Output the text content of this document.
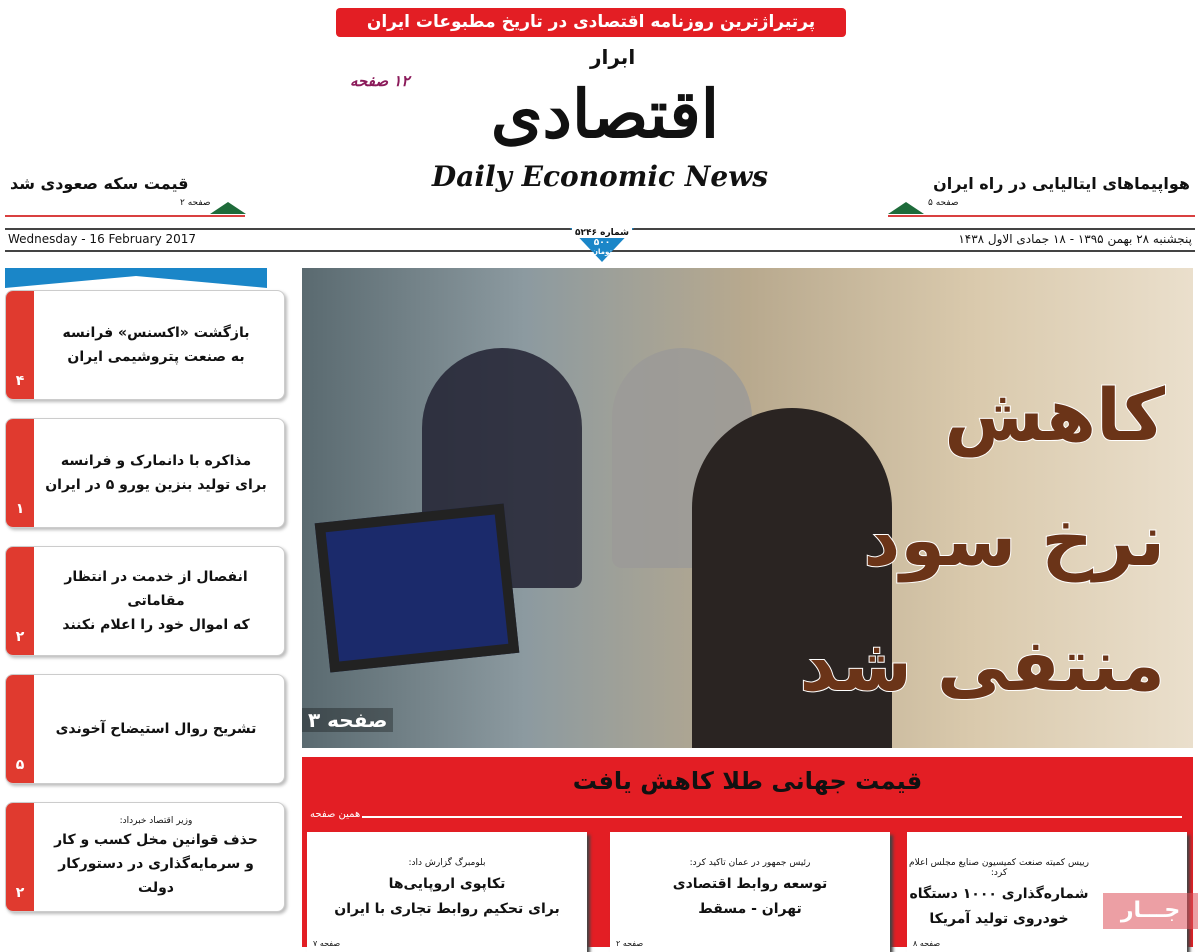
پرتیراژترین روزنامه اقتصادی در تاریخ مطبوعات ایران
۱۲ صفحه	اقتصادی
ابرار
Daily Economic News
قیمت سکه صعودی شد
صفحه ۲
هواپیماهای ایتالیایی در راه ایران
صفحه ۵
Wednesday - 16 February 2017	پنجشنبه ۲۸ بهمن ۱۳۹۵ - ۱۸ جمادی الاول ۱۴۳۸
شماره ۵۲۴۶
۵۰۰
تومان
۴
بازگشت «اکسنس» فرانسه
به صنعت پتروشیمی ایران
۱
مذاکره با دانمارک و فرانسه
برای تولید بنزین یورو ۵ در ایران
۲
انفصال از خدمت در انتظار مقاماتی
که اموال خود را اعلام نکنند
۵
تشریح روال استیضاح آخوندی
۲
وزیر اقتصاد خبرداد:
حذف قوانین مخل کسب و کار
و سرمایه‌گذاری در دستورکار دولت
کاهش
نرخ سود
منتفی شد
صفحه ۳
قیمت جهانی طلا کاهش یافت
همین صفحه
بلومبرگ گزارش داد:
تکاپوی اروپایی‌ها
برای تحکیم روابط تجاری با ایران
صفحه ۷
رئیس جمهور در عمان تاکید کرد:
توسعه روابط اقتصادی
تهران - مسقط
صفحه ۲
رییس کمیته صنعت کمیسیون صنایع مجلس اعلام کرد:
شماره‌گذاری ۱۰۰۰ دستگاه
خودروی تولید آمریکا
صفحه ۸
جـــار
